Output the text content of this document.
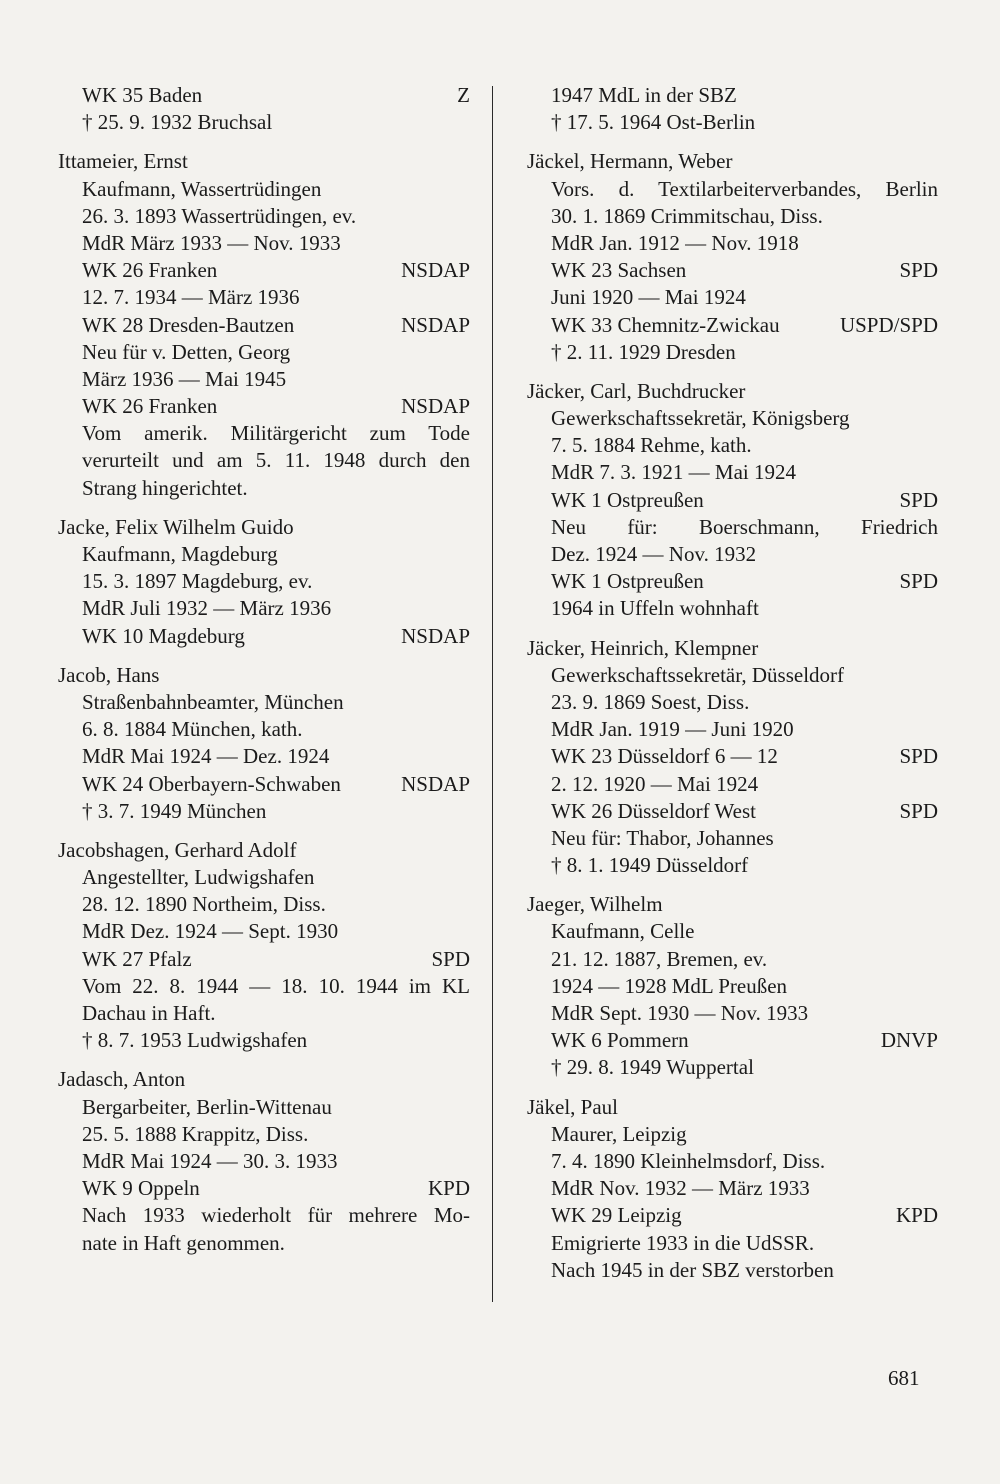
WK 35 Baden	Z
† 25. 9. 1932 Bruchsal
Ittameier, Ernst
Kaufmann, Wassertrüdingen
26. 3. 1893 Wassertrüdingen, ev.
MdR März 1933 — Nov. 1933
WK 26 Franken	NSDAP
12. 7. 1934 — März 1936
WK 28 Dresden-Bautzen	NSDAP
Neu für v. Detten, Georg
März 1936 — Mai 1945
WK 26 Franken	NSDAP
Vom amerik. Militärgericht zum Tode
verurteilt und am 5. 11. 1948 durch den
Strang hingerichtet.
Jacke, Felix Wilhelm Guido
Kaufmann, Magdeburg
15. 3. 1897 Magdeburg, ev.
MdR Juli 1932 — März 1936
WK 10 Magdeburg	NSDAP
Jacob, Hans
Straßenbahnbeamter, München
6. 8. 1884 München, kath.
MdR Mai 1924 — Dez. 1924
WK 24 Oberbayern-Schwaben	NSDAP
† 3. 7. 1949 München
Jacobshagen, Gerhard Adolf
Angestellter, Ludwigshafen
28. 12. 1890 Northeim, Diss.
MdR Dez. 1924 — Sept. 1930
WK 27 Pfalz	SPD
Vom 22. 8. 1944 — 18. 10. 1944 im KL
Dachau in Haft.
† 8. 7. 1953 Ludwigshafen
Jadasch, Anton
Bergarbeiter, Berlin-Wittenau
25. 5. 1888 Krappitz, Diss.
MdR Mai 1924 — 30. 3. 1933
WK 9 Oppeln	KPD
Nach 1933 wiederholt für mehrere Mo-
nate in Haft genommen.
1947 MdL in der SBZ
† 17. 5. 1964 Ost-Berlin
Jäckel, Hermann, Weber
Vors. d. Textilarbeiterverbandes, Berlin
30. 1. 1869 Crimmitschau, Diss.
MdR Jan. 1912 — Nov. 1918
WK 23 Sachsen	SPD
Juni 1920 — Mai 1924
WK 33 Chemnitz-Zwickau	USPD/SPD
† 2. 11. 1929 Dresden
Jäcker, Carl, Buchdrucker
Gewerkschaftssekretär, Königsberg
7. 5. 1884 Rehme, kath.
MdR 7. 3. 1921 — Mai 1924
WK 1 Ostpreußen	SPD
Neu für: Boerschmann, Friedrich
Dez. 1924 — Nov. 1932
WK 1 Ostpreußen	SPD
1964 in Uffeln wohnhaft
Jäcker, Heinrich, Klempner
Gewerkschaftssekretär, Düsseldorf
23. 9. 1869 Soest, Diss.
MdR Jan. 1919 — Juni 1920
WK 23 Düsseldorf 6 — 12	SPD
2. 12. 1920 — Mai 1924
WK 26 Düsseldorf West	SPD
Neu für: Thabor, Johannes
† 8. 1. 1949 Düsseldorf
Jaeger, Wilhelm
Kaufmann, Celle
21. 12. 1887, Bremen, ev.
1924 — 1928 MdL Preußen
MdR Sept. 1930 — Nov. 1933
WK 6 Pommern	DNVP
† 29. 8. 1949 Wuppertal
Jäkel, Paul
Maurer, Leipzig
7. 4. 1890 Kleinhelmsdorf, Diss.
MdR Nov. 1932 — März 1933
WK 29 Leipzig	KPD
Emigrierte 1933 in die UdSSR.
Nach 1945 in der SBZ verstorben
681
